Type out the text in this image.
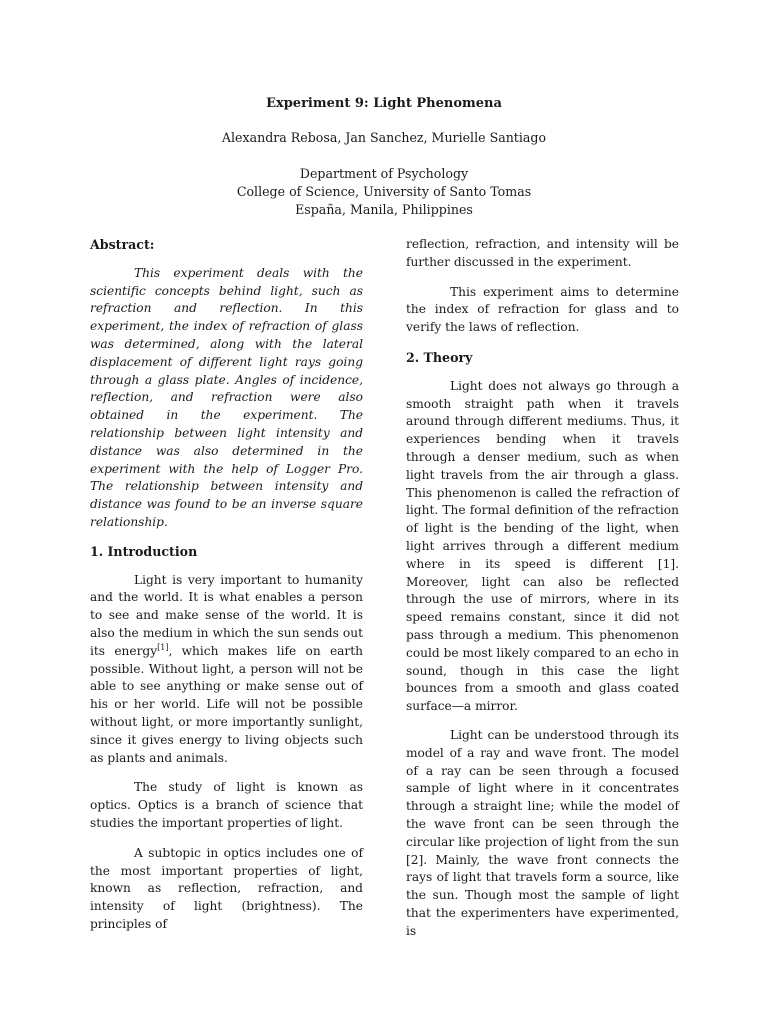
Experiment 9: Light Phenomena
Alexandra Rebosa, Jan Sanchez, Murielle Santiago
Department of Psychology
College of Science, University of Santo Tomas
España, Manila, Philippines

Abstract:

This experiment deals with the scientific concepts behind light, such as refraction and reflection. In this experiment, the index of refraction of glass was determined, along with the lateral displacement of different light rays going through a glass plate. Angles of incidence, reflection, and refraction were also obtained in the experiment. The relationship between light intensity and distance was also determined in the experiment with the help of Logger Pro. The relationship between intensity and distance was found to be an inverse square relationship.

1. Introduction

Light is very important to humanity and the world. It is what enables a person to see and make sense of the world. It is also the medium in which the sun sends out its energy[1], which makes life on earth possible. Without light, a person will not be able to see anything or make sense out of his or her world. Life will not be possible without light, or more importantly sunlight, since it gives energy to living objects such as plants and animals.

The study of light is known as optics. Optics is a branch of science that studies the important properties of light.

A subtopic in optics includes one of the most important properties of light, known as reflection, refraction, and intensity of light (brightness). The principles of

reflection, refraction, and intensity will be further discussed in the experiment.

This experiment aims to determine the index of refraction for glass and to verify the laws of reflection.

2. Theory

Light does not always go through a smooth straight path when it travels around through different mediums. Thus, it experiences bending when it travels through a denser medium, such as when light travels from the air through a glass. This phenomenon is called the refraction of light. The formal definition of the refraction of light is the bending of the light, when light arrives through a different medium where in its speed is different [1]. Moreover, light can also be reflected through the use of mirrors, where in its speed remains constant, since it did not pass through a medium. This phenomenon could be most likely compared to an echo in sound, though in this case the light bounces from a smooth and glass coated surface—a mirror.

Light can be understood through its model of a ray and wave front. The model of a ray can be seen through a focused sample of light where in it concentrates through a straight line; while the model of the wave front can be seen through the circular like projection of light from the sun [2]. Mainly, the wave front connects the rays of light that travels form a source, like the sun. Though most the sample of light that the experimenters have experimented, is
